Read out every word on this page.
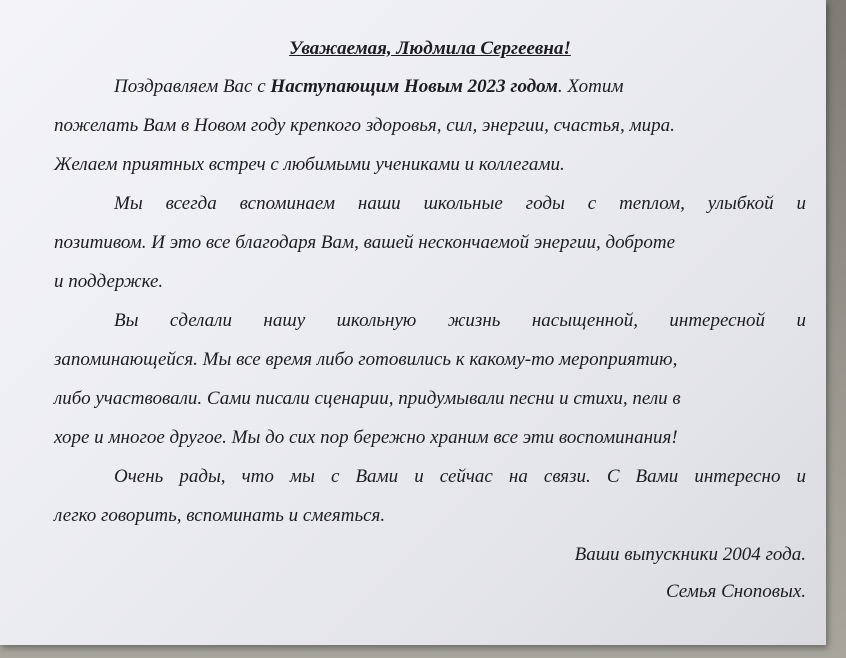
Уважаемая, Людмила Сергеевна!
Поздравляем Вас с Наступающим Новым 2023 годом. Хотим
пожелать Вам в Новом году крепкого здоровья, сил, энергии, счастья, мира.
Желаем приятных встреч с любимыми учениками и коллегами.
Мы всегда вспоминаем наши школьные годы с теплом, улыбкой и
позитивом. И это все благодаря Вам, вашей нескончаемой энергии, доброте
и поддержке.
Вы сделали нашу школьную жизнь насыщенной, интересной и
запоминающейся. Мы все время либо готовились к какому-то мероприятию,
либо участвовали. Сами писали сценарии, придумывали песни и стихи, пели в
хоре и многое другое. Мы до сих пор бережно храним все эти воспоминания!
Очень рады, что мы с Вами и сейчас на связи. С Вами интересно и
легко говорить, вспоминать и смеяться.
Ваши выпускники 2004 года.
Семья Сноповых.
